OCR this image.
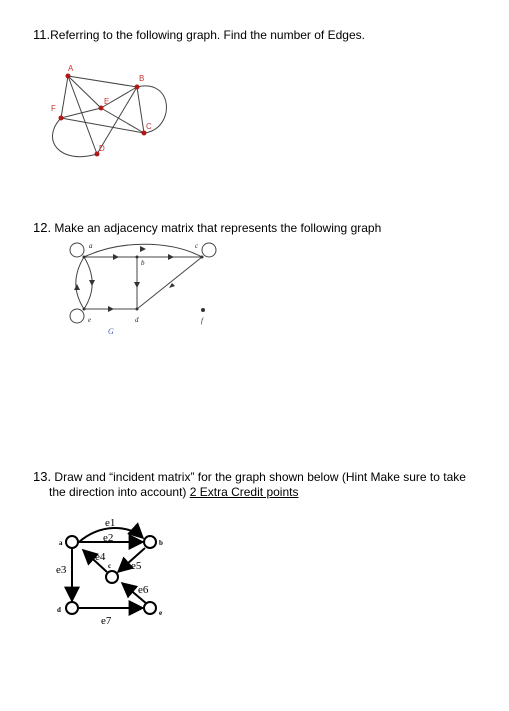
11.Referring to the following graph. Find the number of Edges.
A
B
C
D
E
F
12. Make an adjacency matrix that represents the following graph
a
b
c
d
e	f
G
13. Draw and “incident matrix” for the graph shown below (Hint Make sure to take
the direction into account) 2 Extra Credit points
a	b
c
d	e
e1
e2
e3
e4
e5
e6
e7
